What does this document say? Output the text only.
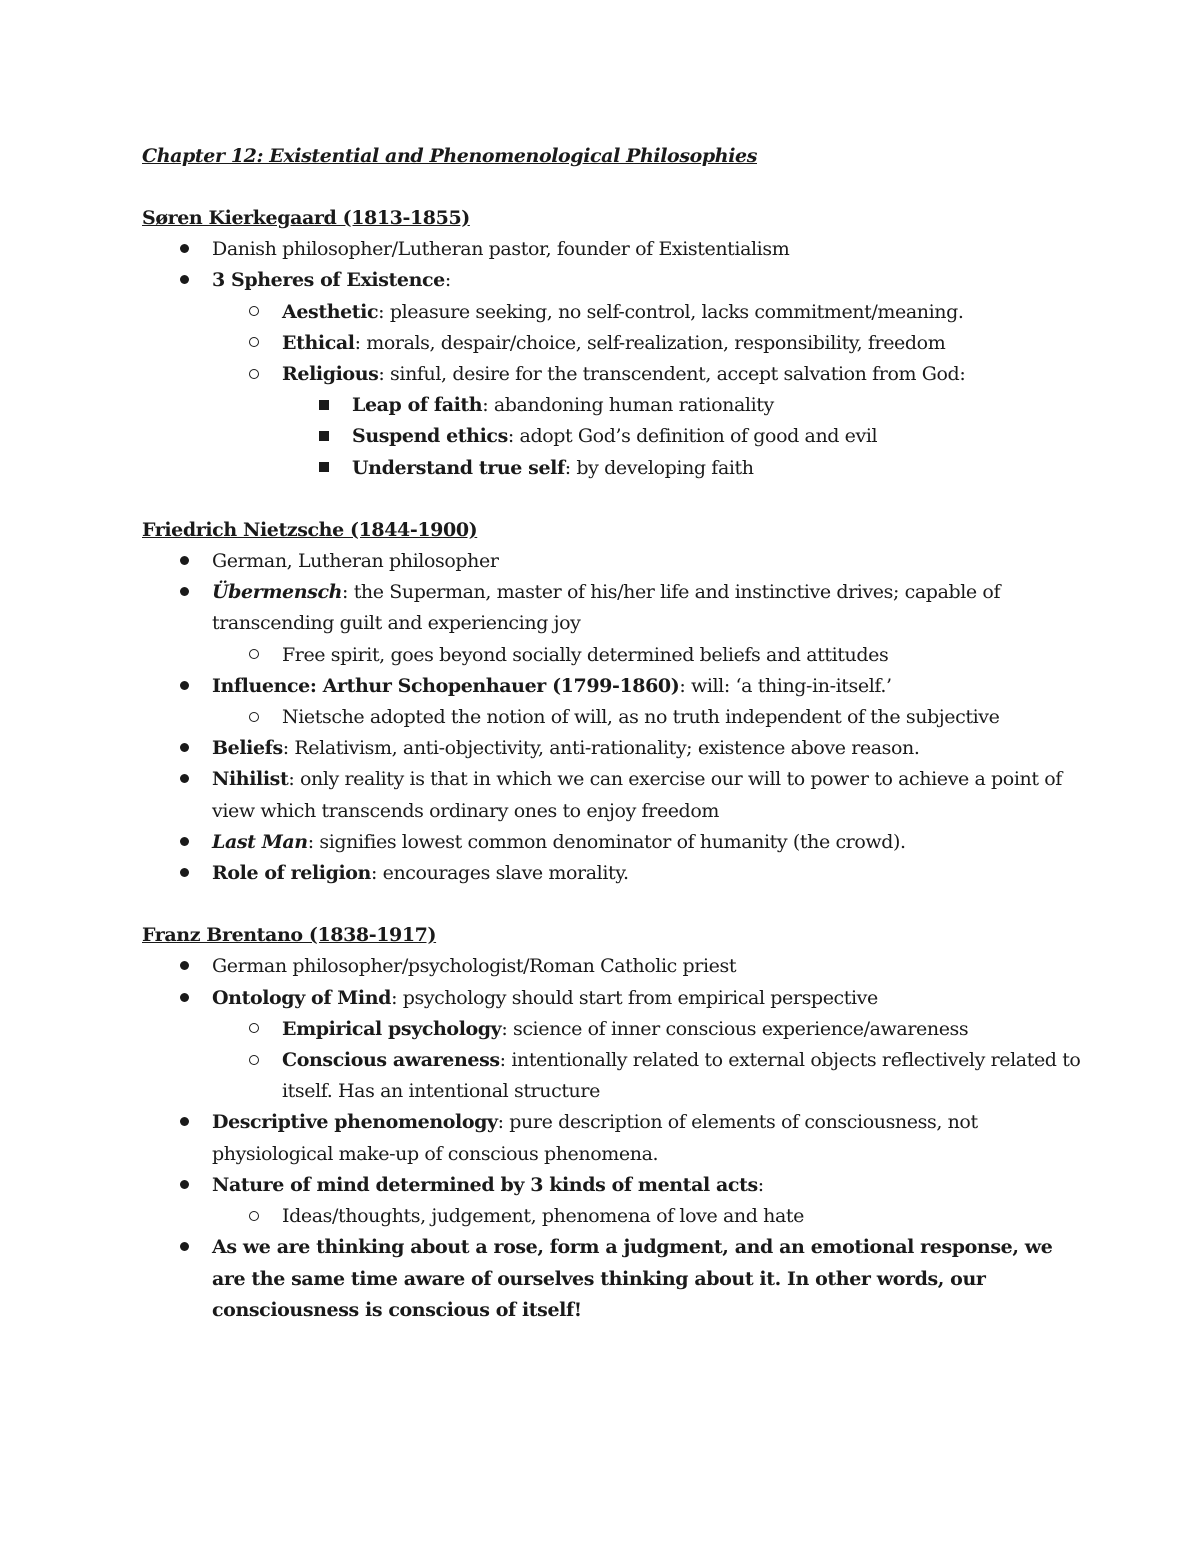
Chapter 12: Existential and Phenomenological Philosophies

Søren Kierkegaard (1813-1855)

Danish philosopher/Lutheran pastor, founder of Existentialism
3 Spheres of Existence:
Aesthetic: pleasure seeking, no self-control, lacks commitment/meaning.
Ethical: morals, despair/choice, self-realization, responsibility, freedom
Religious: sinful, desire for the transcendent, accept salvation from God:
Leap of faith: abandoning human rationality
Suspend ethics: adopt God’s definition of good and evil
Understand true self: by developing faith

Friedrich Nietzsche (1844-1900)

German, Lutheran philosopher
Übermensch: the Superman, master of his/her life and instinctive drives; capable of transcending guilt and experiencing joy
Free spirit, goes beyond socially determined beliefs and attitudes
Influence: Arthur Schopenhauer (1799-1860): will: ‘a thing-in-itself.’
Nietsche adopted the notion of will, as no truth independent of the subjective
Beliefs: Relativism, anti-objectivity, anti-rationality; existence above reason.
Nihilist: only reality is that in which we can exercise our will to power to achieve a point of view which transcends ordinary ones to enjoy freedom
Last Man: signifies lowest common denominator of humanity (the crowd).
Role of religion: encourages slave morality.

Franz Brentano (1838-1917)

German philosopher/psychologist/Roman Catholic priest
Ontology of Mind: psychology should start from empirical perspective
Empirical psychology: science of inner conscious experience/awareness
Conscious awareness: intentionally related to external objects reflectively related to itself. Has an intentional structure
Descriptive phenomenology: pure description of elements of consciousness, not physiological make-up of conscious phenomena.
Nature of mind determined by 3 kinds of mental acts:
Ideas/thoughts, judgement, phenomena of love and hate
As we are thinking about a rose, form a judgment, and an emotional response, we are the same time aware of ourselves thinking about it. In other words, our consciousness is conscious of itself!
